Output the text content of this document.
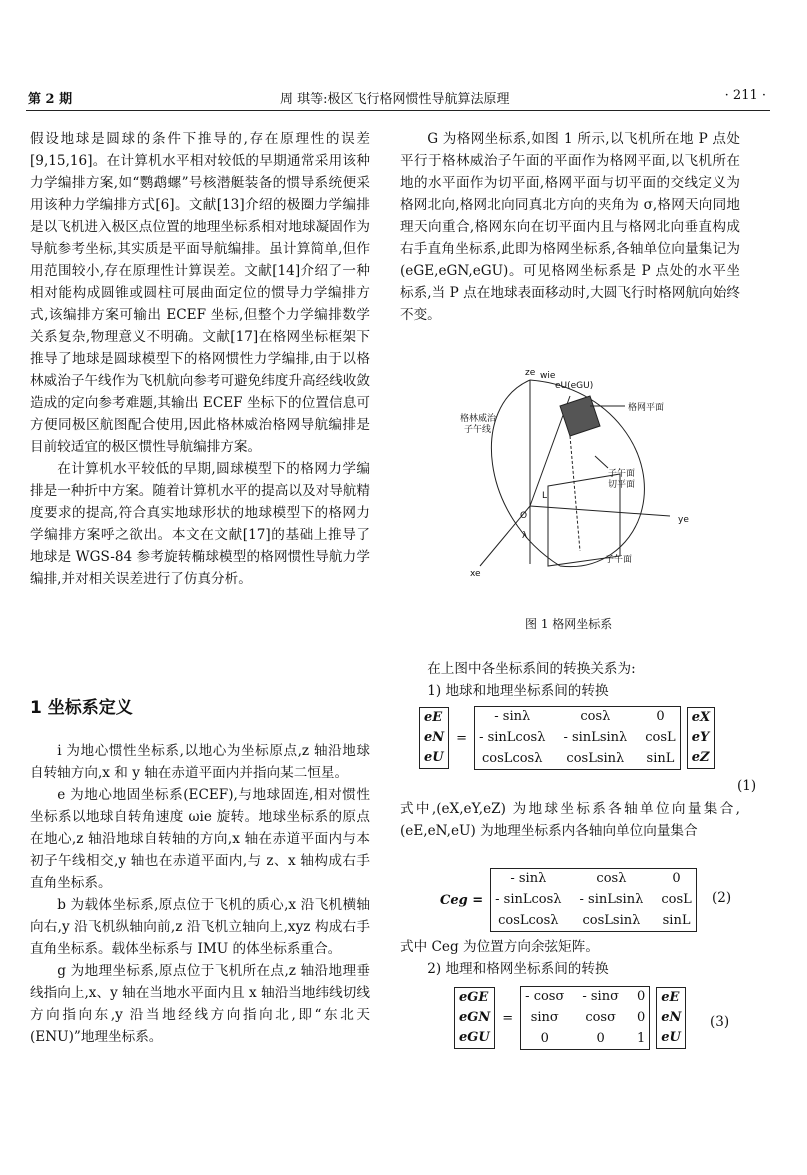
第 2 期	周 琪等:极区飞行格网惯性导航算法原理	· 211 ·

假设地球是圆球的条件下推导的,存在原理性的误差[9,15,16]。在计算机水平相对较低的早期通常采用该种力学编排方案,如“鹦鹉螺”号核潜艇装备的惯导系统便采用该种力学编排方式[6]。文献[13]介绍的极圈力学编排是以飞机进入极区点位置的地理坐标系相对地球凝固作为导航参考坐标,其实质是平面导航编排。虽计算简单,但作用范围较小,存在原理性计算误差。文献[14]介绍了一种相对能构成圆锥或圆柱可展曲面定位的惯导力学编排方式,该编排方案可输出 ECEF 坐标,但整个力学编排数学关系复杂,物理意义不明确。文献[17]在格网坐标框架下推导了地球是圆球模型下的格网惯性力学编排,由于以格林威治子午线作为飞机航向参考可避免纬度升高经线收敛造成的定向参考难题,其输出 ECEF 坐标下的位置信息可方便同极区航图配合使用,因此格林威治格网导航编排是目前较适宜的极区惯性导航编排方案。

在计算机水平较低的早期,圆球模型下的格网力学编排是一种折中方案。随着计算机水平的提高以及对导航精度要求的提高,符合真实地球形状的地球模型下的格网力学编排方案呼之欲出。本文在文献[17]的基础上推导了地球是 WGS-84 参考旋转椭球模型的格网惯性导航力学编排,并对相关误差进行了仿真分析。

1 坐标系定义

i 为地心惯性坐标系,以地心为坐标原点,z 轴沿地球自转轴方向,x 和 y 轴在赤道平面内并指向某二恒星。

e 为地心地固坐标系(ECEF),与地球固连,相对惯性坐标系以地球自转角速度 ωie 旋转。地球坐标系的原点在地心,z 轴沿地球自转轴的方向,x 轴在赤道平面内与本初子午线相交,y 轴也在赤道平面内,与 z、x 轴构成右手直角坐标系。

b 为载体坐标系,原点位于飞机的质心,x 沿飞机横轴向右,y 沿飞机纵轴向前,z 沿飞机立轴向上,xyz 构成右手直角坐标系。载体坐标系与 IMU 的体坐标系重合。

g 为地理坐标系,原点位于飞机所在点,z 轴沿地理垂线指向上,x、y 轴在当地水平面内且 x 轴沿当地纬线切线方向指向东,y 沿当地经线方向指向北,即“东北天(ENU)”地理坐标系。

G 为格网坐标系,如图 1 所示,以飞机所在地 P 点处平行于格林威治子午面的平面作为格网平面,以飞机所在地的水平面作为切平面,格网平面与切平面的交线定义为格网北向,格网北向同真北方向的夹角为 σ,格网天向同地理天向重合,格网东向在切平面内且与格网北向垂直构成右手直角坐标系,此即为格网坐标系,各轴单位向量集记为(eGE,eGN,eGU)。可见格网坐标系是 P 点处的水平坐标系,当 P 点在地球表面移动时,大圆飞行时格网航向始终不变。

ze wie
eU(eGU)
格网平面
格林威治
子午线
子午面
切平面
ye
xe
O
L
λ
子午面
图 1 格网坐标系

在上图中各坐标系间的转换关系为:

1) 地球和地理坐标系间的转换

eE
eN
eU
=
- sinλ	cosλ	0
- sinLcosλ - sinLsinλ cosL
cosLcosλ cosLsinλ sinL
eX
eY
eZ
(1)

式中,(eX,eY,eZ) 为地球坐标系各轴单位向量集合,(eE,eN,eU) 为地理坐标系内各轴向单位向量集合

Ceg =
- sinλ	cosλ	0
- sinLcosλ - sinLsinλ cosL
cosLcosλ cosLsinλ sinL
(2)

式中 Ceg 为位置方向余弦矩阵。

2) 地理和格网坐标系间的转换

eGE
eGN
eGU
=
- cosσ - sinσ 0
sinσ	cosσ 0
0	0	1
eE
eN
eU
(3)
